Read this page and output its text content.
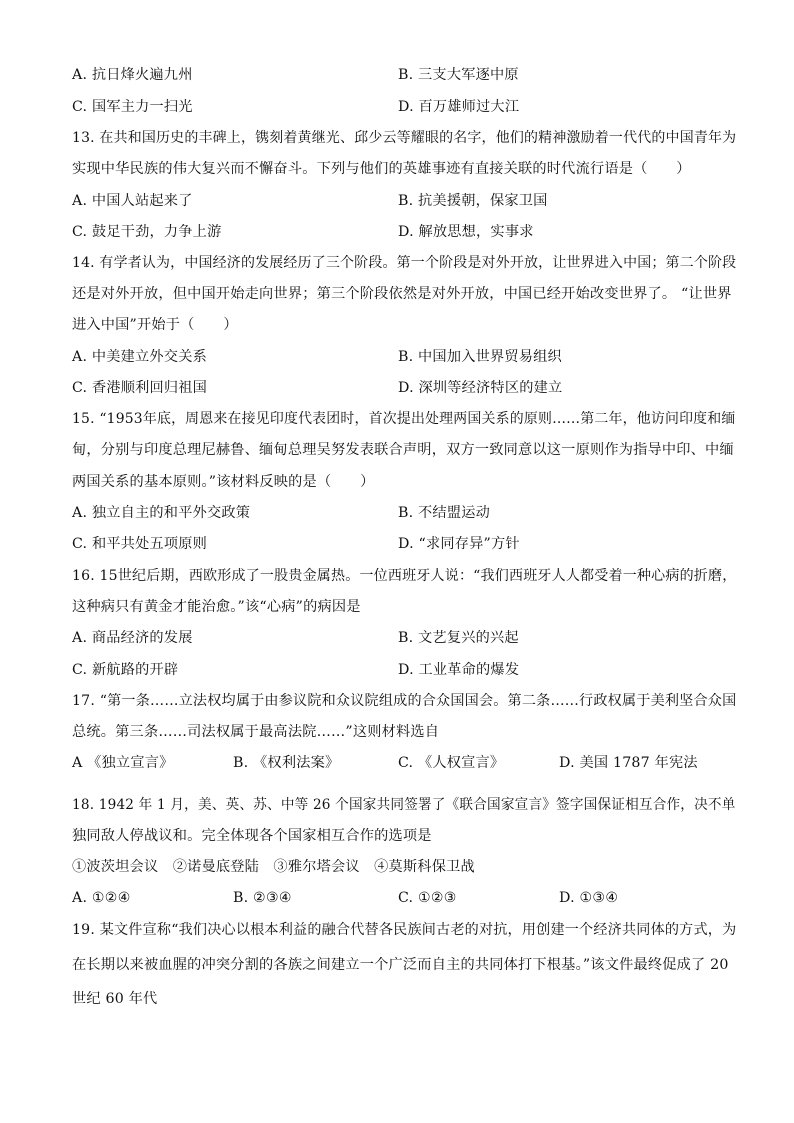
A. 抗日烽火遍九州	B. 三支大军逐中原
C. 国军主力一扫光	D. 百万雄师过大江
13. 在共和国历史的丰碑上，镌刻着黄继光、邱少云等耀眼的名字，他们的精神激励着一代代的中国青年为
实现中华民族的伟大复兴而不懈奋斗。下列与他们的英雄事迹有直接关联的时代流行语是（　　）
A. 中国人站起来了	B. 抗美援朝，保家卫国
C. 鼓足干劲，力争上游	D. 解放思想，实事求
14. 有学者认为，中国经济的发展经历了三个阶段。第一个阶段是对外开放，让世界进入中国；第二个阶段
还是对外开放，但中国开始走向世界；第三个阶段依然是对外开放，中国已经开始改变世界了。 “让世界
进入中国”开始于（　　）
A. 中美建立外交关系	B. 中国加入世界贸易组织
C. 香港顺利回归祖国	D. 深圳等经济特区的建立
15. “1953年底，周恩来在接见印度代表团时，首次提出处理两国关系的原则……第二年，他访问印度和缅
甸，分别与印度总理尼赫鲁、缅甸总理吴努发表联合声明，双方一致同意以这一原则作为指导中印、中缅
两国关系的基本原则。”该材料反映的是（　　）
A. 独立自主的和平外交政策	B. 不结盟运动
C. 和平共处五项原则	D. “求同存异”方针
16. 15世纪后期，西欧形成了一股贵金属热。一位西班牙人说：“我们西班牙人人都受着一种心病的折磨，
这种病只有黄金才能治愈。”该“心病”的病因是
A. 商品经济的发展	B. 文艺复兴的兴起
C. 新航路的开辟	D. 工业革命的爆发
17. “第一条……立法权均属于由参议院和众议院组成的合众国国会。第二条……行政权属于美利坚合众国
总统。第三条……司法权属于最高法院……”这则材料选自
A 《独立宣言》	B. 《权利法案》	C. 《人权宣言》	D. 美国 1787 年宪法
18. 1942 年 1 月，美、英、苏、中等 26 个国家共同签署了《联合国家宣言》签字国保证相互合作，决不单
独同敌人停战议和。完全体现各个国家相互合作的选项是
①波茨坦会议　②诺曼底登陆　③雅尔塔会议　④莫斯科保卫战
A. ①②④	B. ②③④	C. ①②③	D. ①③④
19. 某文件宣称“我们决心以根本利益的融合代替各民族间古老的对抗，用创建一个经济共同体的方式，为
在长期以来被血腥的冲突分割的各族之间建立一个广泛而自主的共同体打下根基。”该文件最终促成了 20
世纪 60 年代
